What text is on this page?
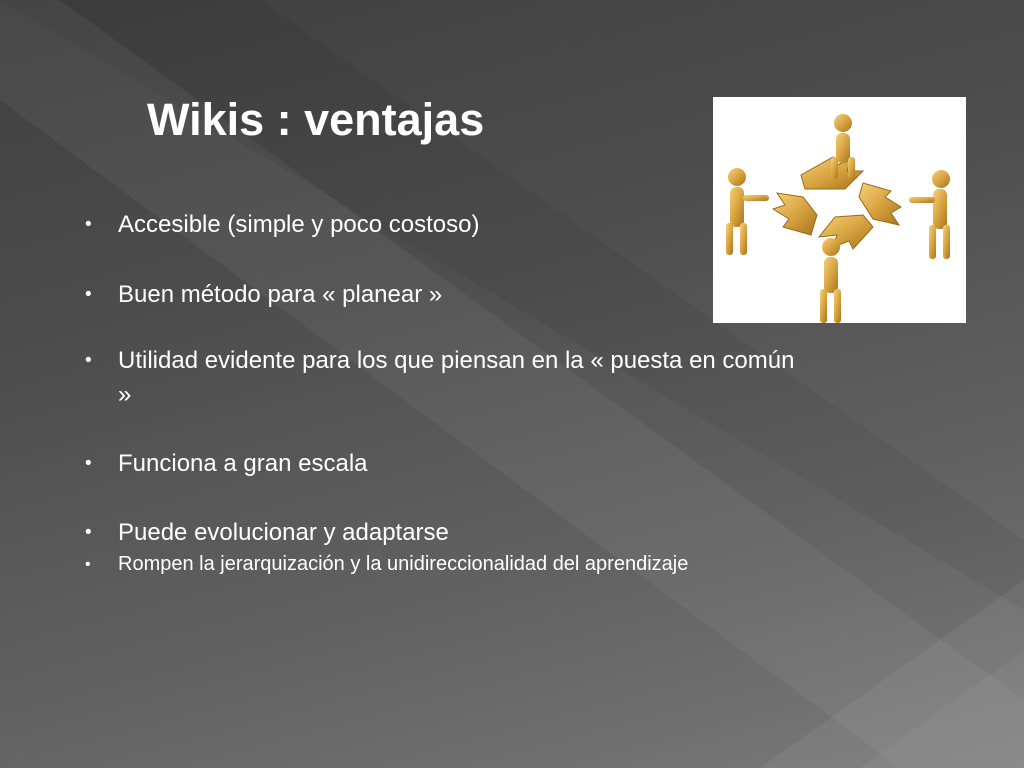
Wikis : ventajas
• Accesible (simple y poco costoso)
• Buen método para « planear »
• Utilidad evidente para los que piensan en la « puesta en común »
• Funciona a gran escala
• Puede evolucionar y adaptarse
• Rompen la jerarquización y la unidireccionalidad del aprendizaje
